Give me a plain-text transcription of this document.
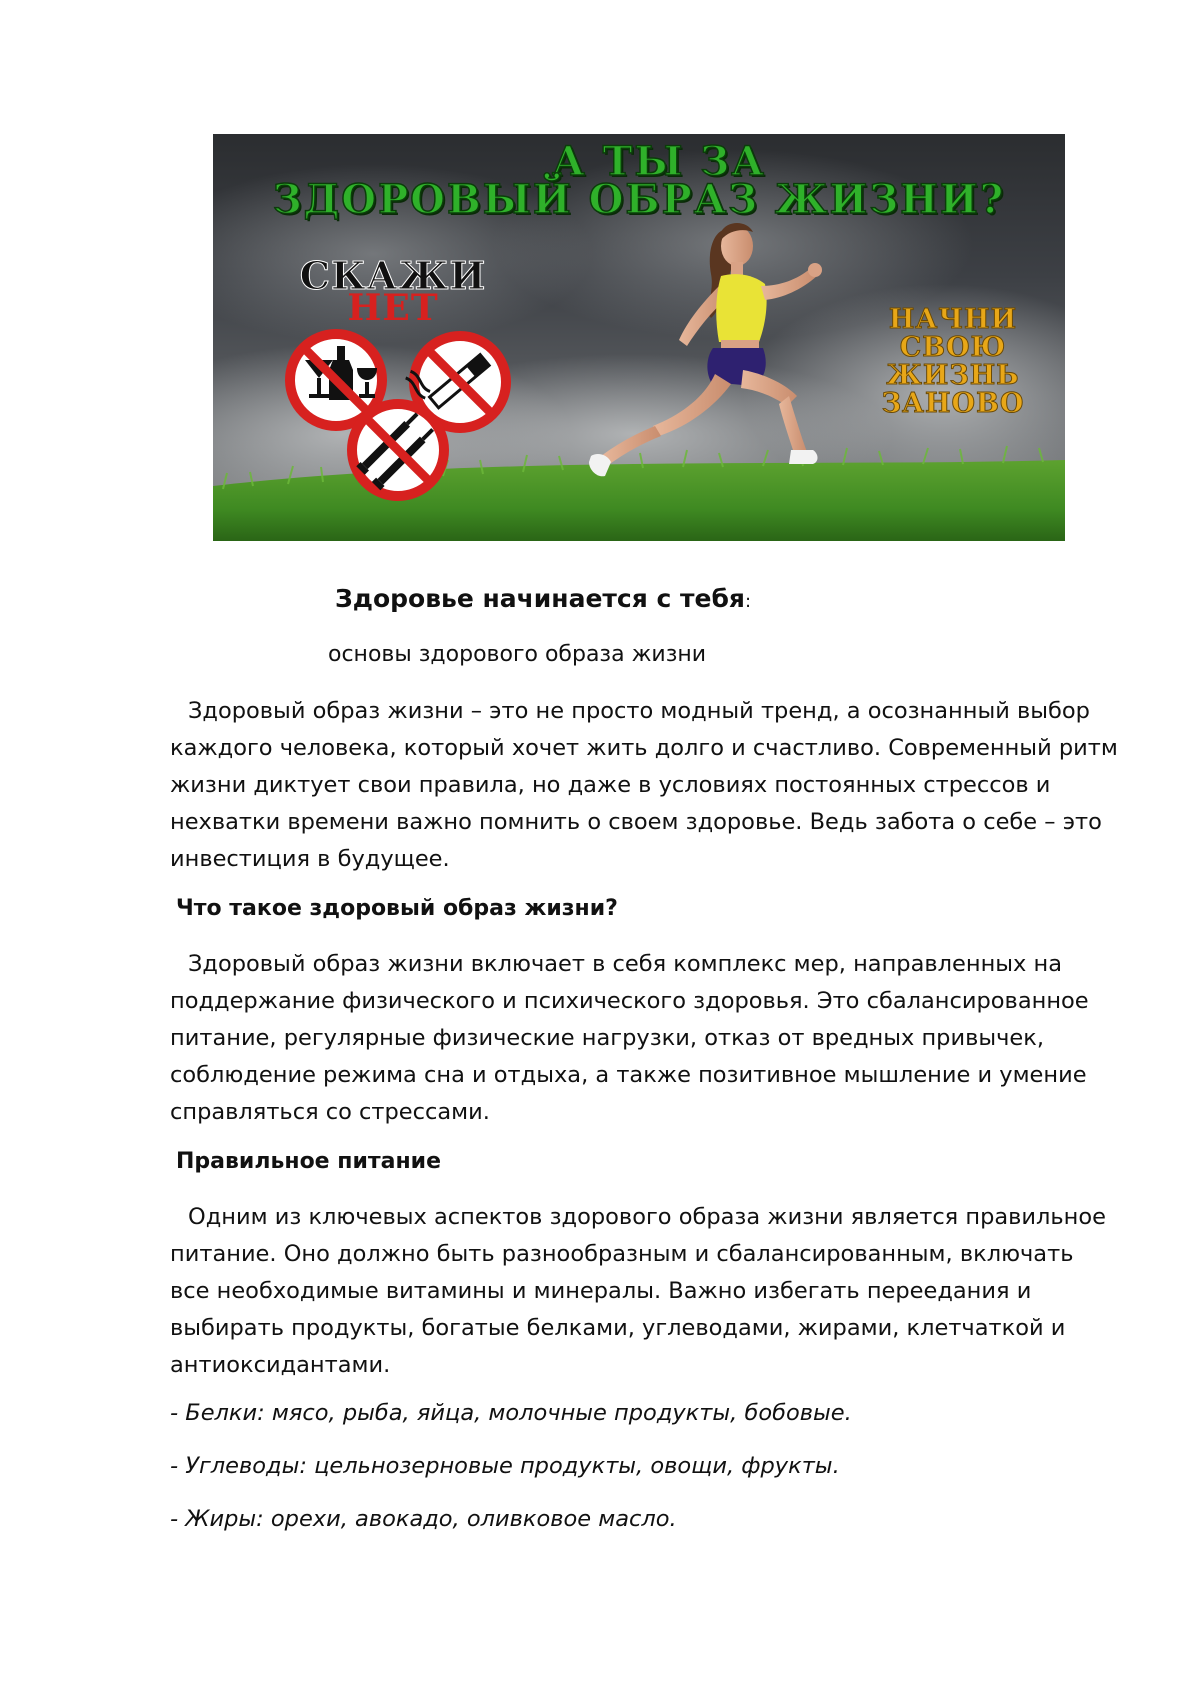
А ТЫ ЗА
ЗДОРОВЫЙ ОБРАЗ ЖИЗНИ?
СКАЖИ
НЕТ	НАЧНИ
СВОЮ
ЖИЗНЬ
ЗАНОВО
Здоровье начинается с тебя:
основы здорового образа жизни
Здоровый образ жизни – это не просто модный тренд, а осознанный выбор
каждого человека, который хочет жить долго и счастливо. Современный ритм
жизни диктует свои правила, но даже в условиях постоянных стрессов и
нехватки времени важно помнить о своем здоровье. Ведь забота о себе – это
инвестиция в будущее.
Что такое здоровый образ жизни?
Здоровый образ жизни включает в себя комплекс мер, направленных на
поддержание физического и психического здоровья. Это сбалансированное
питание, регулярные физические нагрузки, отказ от вредных привычек,
соблюдение режима сна и отдыха, а также позитивное мышление и умение
справляться со стрессами.
Правильное питание
Одним из ключевых аспектов здорового образа жизни является правильное
питание. Оно должно быть разнообразным и сбалансированным, включать
все необходимые витамины и минералы. Важно избегать переедания и
выбирать продукты, богатые белками, углеводами, жирами, клетчаткой и
антиоксидантами.
- Белки: мясо, рыба, яйца, молочные продукты, бобовые.
- Углеводы: цельнозерновые продукты, овощи, фрукты.
- Жиры: орехи, авокадо, оливковое масло.
